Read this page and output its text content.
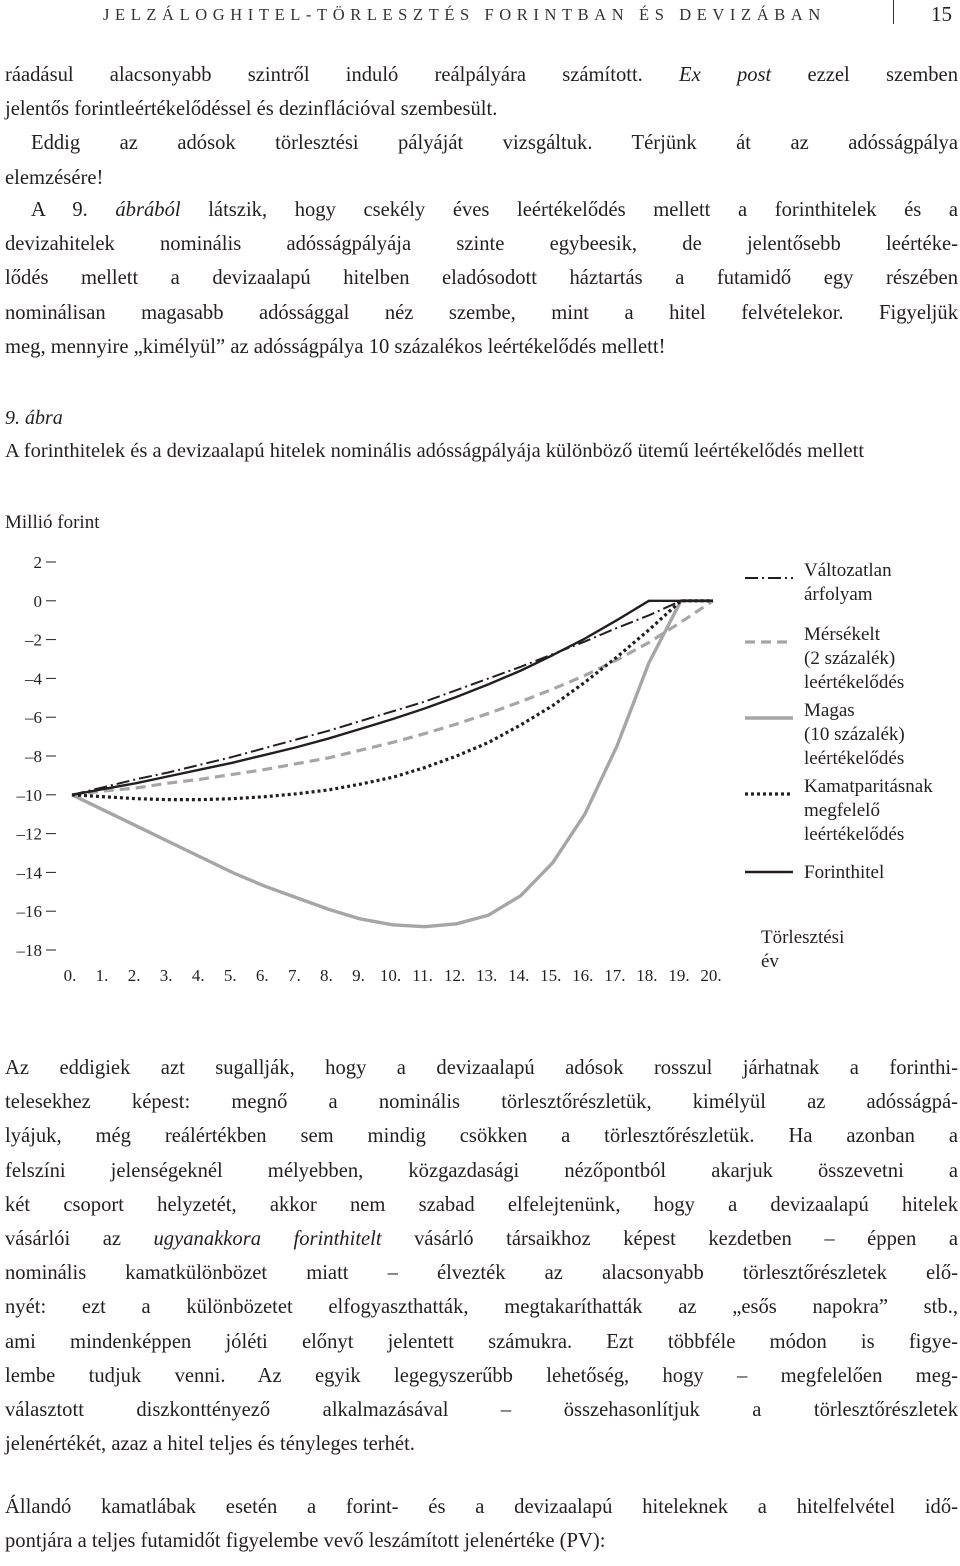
JELZÁLOGHITEL-TÖRLESZTÉS FORINTBAN ÉS DEVIZÁBAN	15
ráadásul alacsonyabb szintről induló reálpályára számított. Ex post ezzel szemben
jelentős forintleértékelődéssel és dezinflációval szembesült.
Eddig az adósok törlesztési pályáját vizsgáltuk. Térjünk át az adósságpálya
elemzésére!
A 9. ábrából látszik, hogy csekély éves leértékelődés mellett a forinthitelek és a
devizahitelek nominális adósságpályája szinte egybeesik, de jelentősebb leértéke-
lődés mellett a devizaalapú hitelben eladósodott háztartás a futamidő egy részében
nominálisan magasabb adóssággal néz szembe, mint a hitel felvételekor. Figyeljük
meg, mennyire „kimélyül” az adósságpálya 10 százalékos leértékelődés mellett!
9. ábra
A forinthitelek és a devizaalapú hitelek nominális adósságpályája különböző ütemű leértékelődés mellett
Millió forint
2
0
–2
–4
–6
–8
–10
–12
–14
–16
–18
0. 1. 2. 3. 4. 5. 6. 7. 8. 9. 10. 11. 12. 13. 14. 15. 16. 17. 18. 19. 20.
Változatlan
árfolyam
Mérsékelt
(2 százalék)
leértékelődés
Magas
(10 százalék)
leértékelődés
Kamatparitásnak
megfelelő
leértékelődés
Forinthitel
Törlesztési
év
Az eddigiek azt sugallják, hogy a devizaalapú adósok rosszul járhatnak a forinthi-
telesekhez képest: megnő a nominális törlesztőrészletük, kimélyül az adósságpá-
lyájuk, még reálértékben sem mindig csökken a törlesztőrészletük. Ha azonban a
felszíni jelenségeknél mélyebben, közgazdasági nézőpontból akarjuk összevetni a
két csoport helyzetét, akkor nem szabad elfelejtenünk, hogy a devizaalapú hitelek
vásárlói az ugyanakkora forinthitelt vásárló társaikhoz képest kezdetben – éppen a
nominális kamatkülönbözet miatt – élvezték az alacsonyabb törlesztőrészletek elő-
nyét: ezt a különbözetet elfogyaszthatták, megtakaríthatták az „esős napokra” stb.,
ami mindenképpen jóléti előnyt jelentett számukra. Ezt többféle módon is figye-
lembe tudjuk venni. Az egyik legegyszerűbb lehetőség, hogy – megfelelően meg-
választott diszkonttényező alkalmazásával – összehasonlítjuk a törlesztőrészletek
jelenértékét, azaz a hitel teljes és tényleges terhét.
Állandó kamatlábak esetén a forint- és a devizaalapú hiteleknek a hitelfelvétel idő-
pontjára a teljes futamidőt figyelembe vevő leszámított jelenértéke (PV):
